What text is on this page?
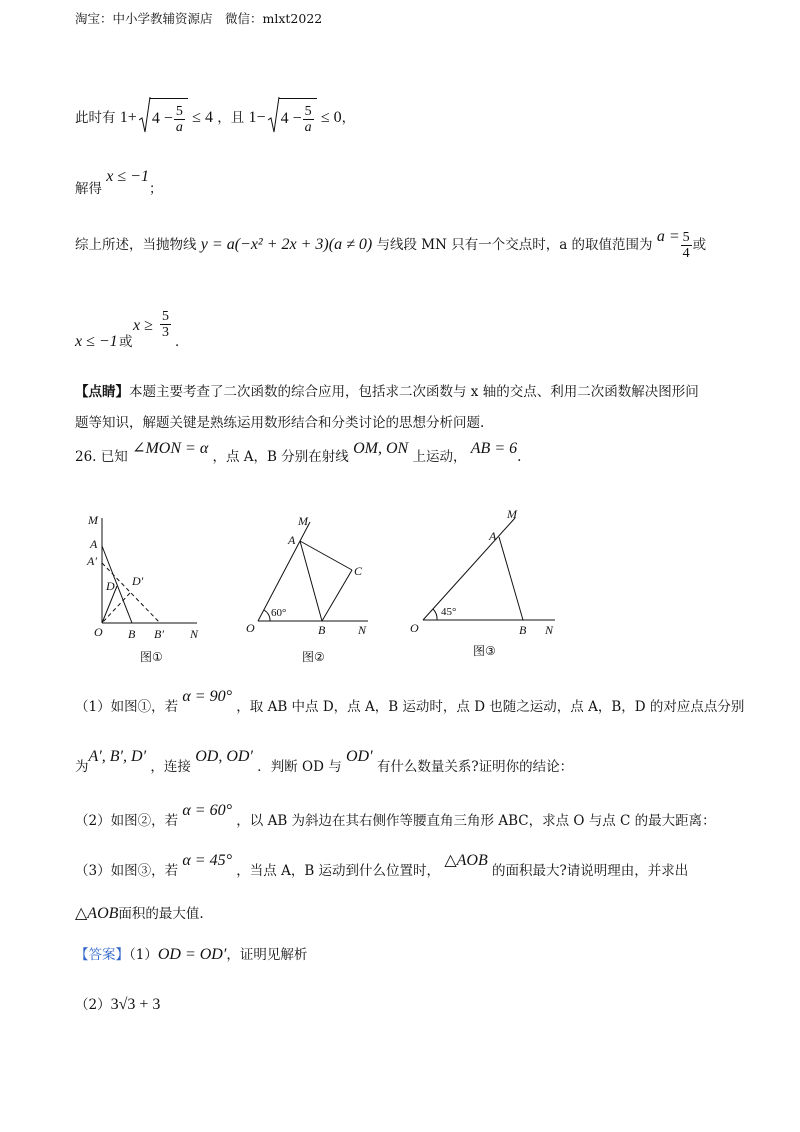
淘宝：中小学教辅资源店　微信：mlxt2022
此时有 $1+ 4 - \frac{5}{a} \le 4$ ，且 $1- 4 - \frac{5}{a} \le 0$，
解得 x ≤ −1；
综上所述，当抛物线 y = a(−x² + 2x + 3)(a ≠ 0) 与线段 MN 只有一个交点时，a 的取值范围为 $a = \frac{5}{4}$ 或
x ≤ −1 或
$x \ge \frac{5}{3}$
．
【点睛】本题主要考查了二次函数的综合应用，包括求二次函数与 x 轴的交点、利用二次函数解决图形问
题等知识，解题关键是熟练运用数形结合和分类讨论的思想分析问题.
26. 已知 ∠MON = α ，点 A，B 分别在射线 OM, ON 上运动， AB = 6.
M
A
A′
D D′
O B B′ N
图①
M
A
C
O	B	N
60°
图②
M
A
O	B N
45°
图③
（1）如图①，若 α = 90° ，取 AB 中点 D，点 A，B 运动时，点 D 也随之运动，点 A，B，D 的对应点点分别
为A′, B′, D′ ，连接 OD, OD′ ．判断 OD 与 OD′ 有什么数量关系?证明你的结论：
（2）如图②，若 α = 60° ，以 AB 为斜边在其右侧作等腰直角三角形 ABC，求点 O 与点 C 的最大距离：
（3）如图③，若 α = 45° ，当点 A，B 运动到什么位置时， △AOB 的面积最大?请说明理由，并求出
△AOB面积的最大值.
【答案】（1）OD = OD′，证明见解析
（2）3√3 + 3
